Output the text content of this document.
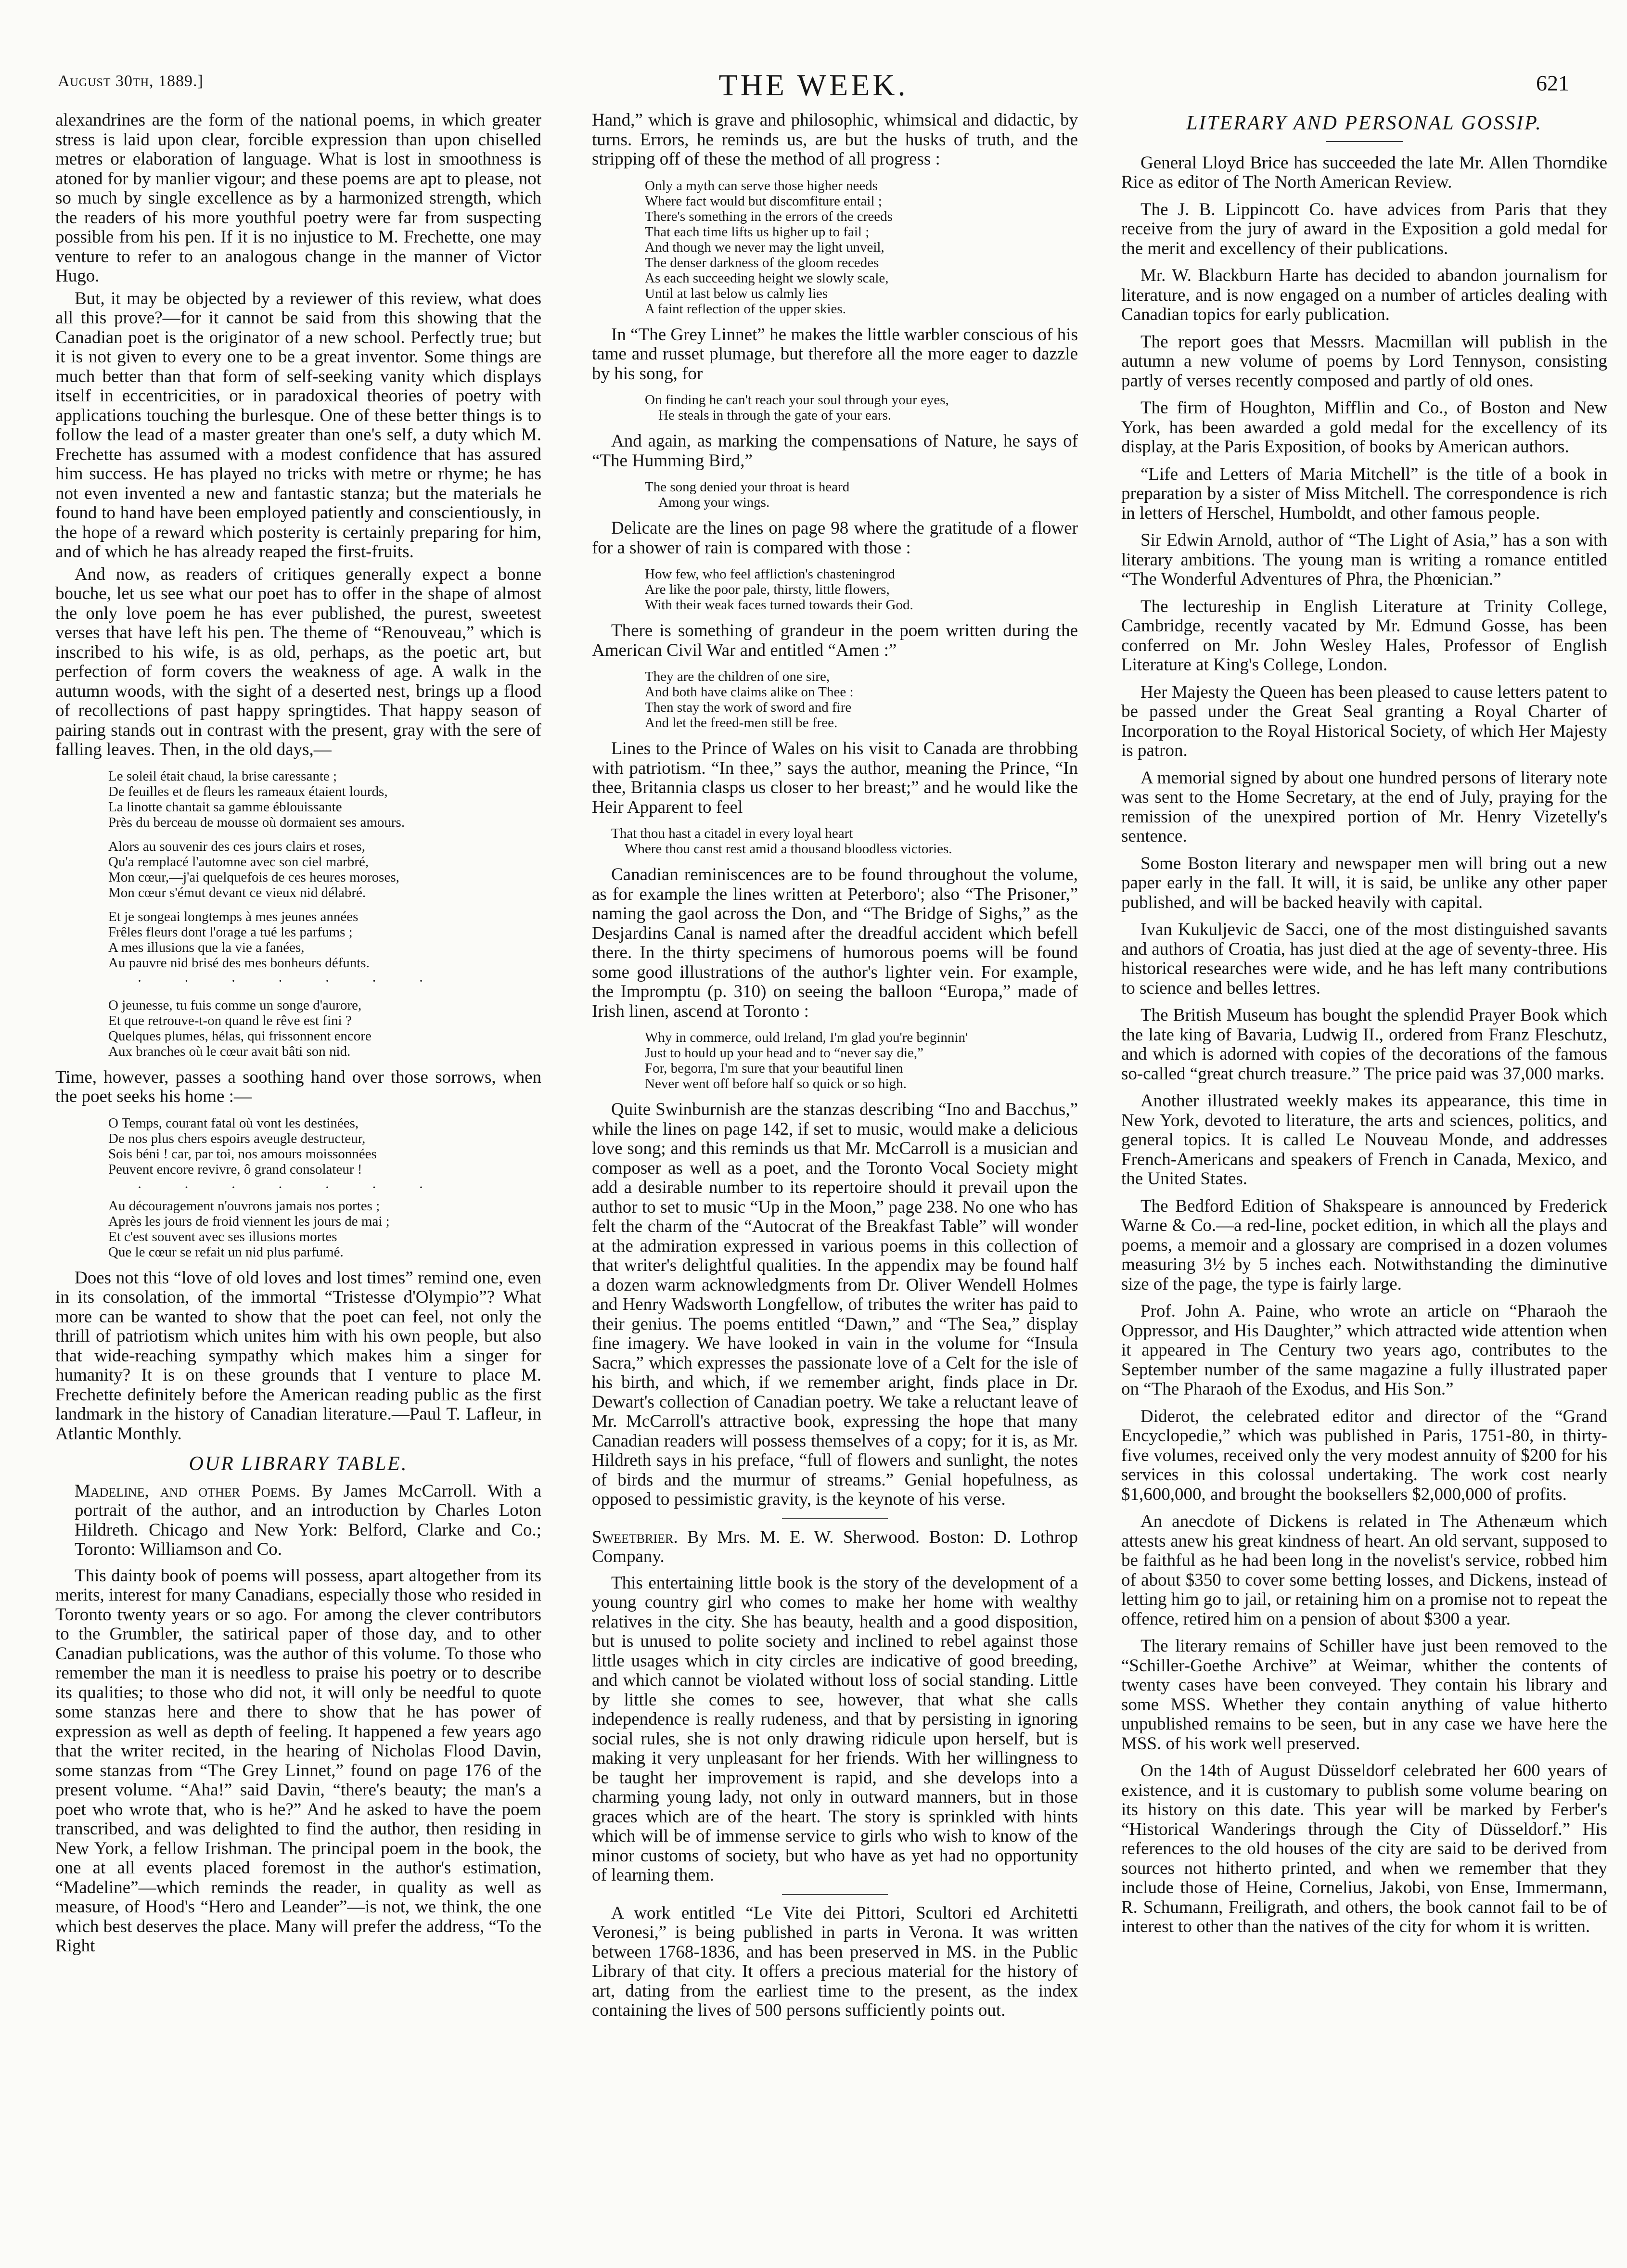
August 30th, 1889.]	THE WEEK.	621

alexandrines are the form of the national poems, in which greater stress is laid upon clear, forcible expression than upon chiselled metres or elaboration of language. What is lost in smoothness is atoned for by manlier vigour; and these poems are apt to please, not so much by single excellence as by a harmonized strength, which the readers of his more youthful poetry were far from suspecting possible from his pen. If it is no injustice to M. Frechette, one may venture to refer to an analogous change in the manner of Victor Hugo.

But, it may be objected by a reviewer of this review, what does all this prove?—for it cannot be said from this showing that the Canadian poet is the originator of a new school. Perfectly true; but it is not given to every one to be a great inventor. Some things are much better than that form of self-seeking vanity which displays itself in eccentricities, or in paradoxical theories of poetry with applications touching the burlesque. One of these better things is to follow the lead of a master greater than one's self, a duty which M. Frechette has assumed with a modest confidence that has assured him success. He has played no tricks with metre or rhyme; he has not even invented a new and fantastic stanza; but the materials he found to hand have been employed patiently and conscientiously, in the hope of a reward which posterity is certainly preparing for him, and of which he has already reaped the first-fruits.

And now, as readers of critiques generally expect a bonne bouche, let us see what our poet has to offer in the shape of almost the only love poem he has ever published, the purest, sweetest verses that have left his pen. The theme of “Renouveau,” which is inscribed to his wife, is as old, perhaps, as the poetic art, but perfection of form covers the weakness of age. A walk in the autumn woods, with the sight of a deserted nest, brings up a flood of recollections of past happy springtides. That happy season of pairing stands out in contrast with the present, gray with the sere of falling leaves. Then, in the old days,—

Le soleil était chaud, la brise caressante ;
De feuilles et de fleurs les rameaux étaient lourds,
La linotte chantait sa gamme éblouissante
Près du berceau de mousse où dormaient ses amours.
Alors au souvenir des ces jours clairs et roses,
Qu'a remplacé l'automne avec son ciel marbré,
Mon cœur,—j'ai quelquefois de ces heures moroses,
Mon cœur s'émut devant ce vieux nid délabré.
Et je songeai longtemps à mes jeunes années
Frêles fleurs dont l'orage a tué les parfums ;
A mes illusions que la vie a fanées,
Au pauvre nid brisé des mes bonheurs défunts.
· · · · · · ·
O jeunesse, tu fuis comme un songe d'aurore,
Et que retrouve-t-on quand le rêve est fini ?
Quelques plumes, hélas, qui frissonnent encore
Aux branches où le cœur avait bâti son nid.

Time, however, passes a soothing hand over those sorrows, when the poet seeks his home :—

O Temps, courant fatal où vont les destinées,
De nos plus chers espoirs aveugle destructeur,
Sois béni ! car, par toi, nos amours moissonnées
Peuvent encore revivre, ô grand consolateur !
· · · · · · ·
Au découragement n'ouvrons jamais nos portes ;
Après les jours de froid viennent les jours de mai ;
Et c'est souvent avec ses illusions mortes
Que le cœur se refait un nid plus parfumé.

Does not this “love of old loves and lost times” remind one, even in its consolation, of the immortal “Tristesse d'Olympio”? What more can be wanted to show that the poet can feel, not only the thrill of patriotism which unites him with his own people, but also that wide-reaching sympathy which makes him a singer for humanity? It is on these grounds that I venture to place M. Frechette definitely before the American reading public as the first landmark in the history of Canadian literature.—Paul T. Lafleur, in Atlantic Monthly.

OUR LIBRARY TABLE.

Madeline, and other Poems. By James McCarroll. With a portrait of the author, and an introduction by Charles Loton Hildreth. Chicago and New York: Belford, Clarke and Co.; Toronto: Williamson and Co.

This dainty book of poems will possess, apart altogether from its merits, interest for many Canadians, especially those who resided in Toronto twenty years or so ago. For among the clever contributors to the Grumbler, the satirical paper of those day, and to other Canadian publications, was the author of this volume. To those who remember the man it is needless to praise his poetry or to describe its qualities; to those who did not, it will only be needful to quote some stanzas here and there to show that he has power of expression as well as depth of feeling. It happened a few years ago that the writer recited, in the hearing of Nicholas Flood Davin, some stanzas from “The Grey Linnet,” found on page 176 of the present volume. “Aha!” said Davin, “there's beauty; the man's a poet who wrote that, who is he?” And he asked to have the poem transcribed, and was delighted to find the author, then residing in New York, a fellow Irishman. The principal poem in the book, the one at all events placed foremost in the author's estimation, “Madeline”—which reminds the reader, in quality as well as measure, of Hood's “Hero and Leander”—is not, we think, the one which best deserves the place. Many will prefer the address, “To the Right

Hand,” which is grave and philosophic, whimsical and didactic, by turns. Errors, he reminds us, are but the husks of truth, and the stripping off of these the method of all progress :

Only a myth can serve those higher needs
Where fact would but discomfiture entail ;
There's something in the errors of the creeds
That each time lifts us higher up to fail ;
And though we never may the light unveil,
The denser darkness of the gloom recedes
As each succeeding height we slowly scale,
Until at last below us calmly lies
A faint reflection of the upper skies.

In “The Grey Linnet” he makes the little warbler conscious of his tame and russet plumage, but therefore all the more eager to dazzle by his song, for

On finding he can't reach your soul through your eyes,
He steals in through the gate of your ears.

And again, as marking the compensations of Nature, he says of “The Humming Bird,”

The song denied your throat is heard
Among your wings.

Delicate are the lines on page 98 where the gratitude of a flower for a shower of rain is compared with those :

How few, who feel affliction's chasteningrod
Are like the poor pale, thirsty, little flowers,
With their weak faces turned towards their God.

There is something of grandeur in the poem written during the American Civil War and entitled “Amen :”

They are the children of one sire,
And both have claims alike on Thee :
Then stay the work of sword and fire
And let the freed-men still be free.

Lines to the Prince of Wales on his visit to Canada are throbbing with patriotism. “In thee,” says the author, meaning the Prince, “In thee, Britannia clasps us closer to her breast;” and he would like the Heir Apparent to feel

That thou hast a citadel in every loyal heart
Where thou canst rest amid a thousand bloodless victories.

Canadian reminiscences are to be found throughout the volume, as for example the lines written at Peterboro'; also “The Prisoner,” naming the gaol across the Don, and “The Bridge of Sighs,” as the Desjardins Canal is named after the dreadful accident which befell there. In the thirty specimens of humorous poems will be found some good illustrations of the author's lighter vein. For example, the Impromptu (p. 310) on seeing the balloon “Europa,” made of Irish linen, ascend at Toronto :

Why in commerce, ould Ireland, I'm glad you're beginnin'
Just to hould up your head and to “never say die,”
For, begorra, I'm sure that your beautiful linen
Never went off before half so quick or so high.

Quite Swinburnish are the stanzas describing “Ino and Bacchus,” while the lines on page 142, if set to music, would make a delicious love song; and this reminds us that Mr. McCarroll is a musician and composer as well as a poet, and the Toronto Vocal Society might add a desirable number to its repertoire should it prevail upon the author to set to music “Up in the Moon,” page 238. No one who has felt the charm of the “Autocrat of the Breakfast Table” will wonder at the admiration expressed in various poems in this collection of that writer's delightful qualities. In the appendix may be found half a dozen warm acknowledgments from Dr. Oliver Wendell Holmes and Henry Wadsworth Longfellow, of tributes the writer has paid to their genius. The poems entitled “Dawn,” and “The Sea,” display fine imagery. We have looked in vain in the volume for “Insula Sacra,” which expresses the passionate love of a Celt for the isle of his birth, and which, if we remember aright, finds place in Dr. Dewart's collection of Canadian poetry. We take a reluctant leave of Mr. McCarroll's attractive book, expressing the hope that many Canadian readers will possess themselves of a copy; for it is, as Mr. Hildreth says in his preface, “full of flowers and sunlight, the notes of birds and the murmur of streams.” Genial hopefulness, as opposed to pessimistic gravity, is the keynote of his verse.

Sweetbrier. By Mrs. M. E. W. Sherwood. Boston: D. Lothrop Company.

This entertaining little book is the story of the development of a young country girl who comes to make her home with wealthy relatives in the city. She has beauty, health and a good disposition, but is unused to polite society and inclined to rebel against those little usages which in city circles are indicative of good breeding, and which cannot be violated without loss of social standing. Little by little she comes to see, however, that what she calls independence is really rudeness, and that by persisting in ignoring social rules, she is not only drawing ridicule upon herself, but is making it very unpleasant for her friends. With her willingness to be taught her improvement is rapid, and she develops into a charming young lady, not only in outward manners, but in those graces which are of the heart. The story is sprinkled with hints which will be of immense service to girls who wish to know of the minor customs of society, but who have as yet had no opportunity of learning them.

A work entitled “Le Vite dei Pittori, Scultori ed Architetti Veronesi,” is being published in parts in Verona. It was written between 1768-1836, and has been preserved in MS. in the Public Library of that city. It offers a precious material for the history of art, dating from the earliest time to the present, as the index containing the lives of 500 persons sufficiently points out.

LITERARY AND PERSONAL GOSSIP.

General Lloyd Brice has succeeded the late Mr. Allen Thorndike Rice as editor of The North American Review.

The J. B. Lippincott Co. have advices from Paris that they receive from the jury of award in the Exposition a gold medal for the merit and excellency of their publications.

Mr. W. Blackburn Harte has decided to abandon journalism for literature, and is now engaged on a number of articles dealing with Canadian topics for early publication.

The report goes that Messrs. Macmillan will publish in the autumn a new volume of poems by Lord Tennyson, consisting partly of verses recently composed and partly of old ones.

The firm of Houghton, Mifflin and Co., of Boston and New York, has been awarded a gold medal for the excellency of its display, at the Paris Exposition, of books by American authors.

“Life and Letters of Maria Mitchell” is the title of a book in preparation by a sister of Miss Mitchell. The correspondence is rich in letters of Herschel, Humboldt, and other famous people.

Sir Edwin Arnold, author of “The Light of Asia,” has a son with literary ambitions. The young man is writing a romance entitled “The Wonderful Adventures of Phra, the Phœnician.”

The lectureship in English Literature at Trinity College, Cambridge, recently vacated by Mr. Edmund Gosse, has been conferred on Mr. John Wesley Hales, Professor of English Literature at King's College, London.

Her Majesty the Queen has been pleased to cause letters patent to be passed under the Great Seal granting a Royal Charter of Incorporation to the Royal Historical Society, of which Her Majesty is patron.

A memorial signed by about one hundred persons of literary note was sent to the Home Secretary, at the end of July, praying for the remission of the unexpired portion of Mr. Henry Vizetelly's sentence.

Some Boston literary and newspaper men will bring out a new paper early in the fall. It will, it is said, be unlike any other paper published, and will be backed heavily with capital.

Ivan Kukuljevic de Sacci, one of the most distinguished savants and authors of Croatia, has just died at the age of seventy-three. His historical researches were wide, and he has left many contributions to science and belles lettres.

The British Museum has bought the splendid Prayer Book which the late king of Bavaria, Ludwig II., ordered from Franz Fleschutz, and which is adorned with copies of the decorations of the famous so-called “great church treasure.” The price paid was 37,000 marks.

Another illustrated weekly makes its appearance, this time in New York, devoted to literature, the arts and sciences, politics, and general topics. It is called Le Nouveau Monde, and addresses French-Americans and speakers of French in Canada, Mexico, and the United States.

The Bedford Edition of Shakspeare is announced by Frederick Warne & Co.—a red-line, pocket edition, in which all the plays and poems, a memoir and a glossary are comprised in a dozen volumes measuring 3½ by 5 inches each. Notwithstanding the diminutive size of the page, the type is fairly large.

Prof. John A. Paine, who wrote an article on “Pharaoh the Oppressor, and His Daughter,” which attracted wide attention when it appeared in The Century two years ago, contributes to the September number of the same magazine a fully illustrated paper on “The Pharaoh of the Exodus, and His Son.”

Diderot, the celebrated editor and director of the “Grand Encyclopedie,” which was published in Paris, 1751-80, in thirty-five volumes, received only the very modest annuity of $200 for his services in this colossal undertaking. The work cost nearly $1,600,000, and brought the booksellers $2,000,000 of profits.

An anecdote of Dickens is related in The Athenæum which attests anew his great kindness of heart. An old servant, supposed to be faithful as he had been long in the novelist's service, robbed him of about $350 to cover some betting losses, and Dickens, instead of letting him go to jail, or retaining him on a promise not to repeat the offence, retired him on a pension of about $300 a year.

The literary remains of Schiller have just been removed to the “Schiller-Goethe Archive” at Weimar, whither the contents of twenty cases have been conveyed. They contain his library and some MSS. Whether they contain anything of value hitherto unpublished remains to be seen, but in any case we have here the MSS. of his work well preserved.

On the 14th of August Düsseldorf celebrated her 600 years of existence, and it is customary to publish some volume bearing on its history on this date. This year will be marked by Ferber's “Historical Wanderings through the City of Düsseldorf.” His references to the old houses of the city are said to be derived from sources not hitherto printed, and when we remember that they include those of Heine, Cornelius, Jakobi, von Ense, Immermann, R. Schumann, Freiligrath, and others, the book cannot fail to be of interest to other than the natives of the city for whom it is written.
